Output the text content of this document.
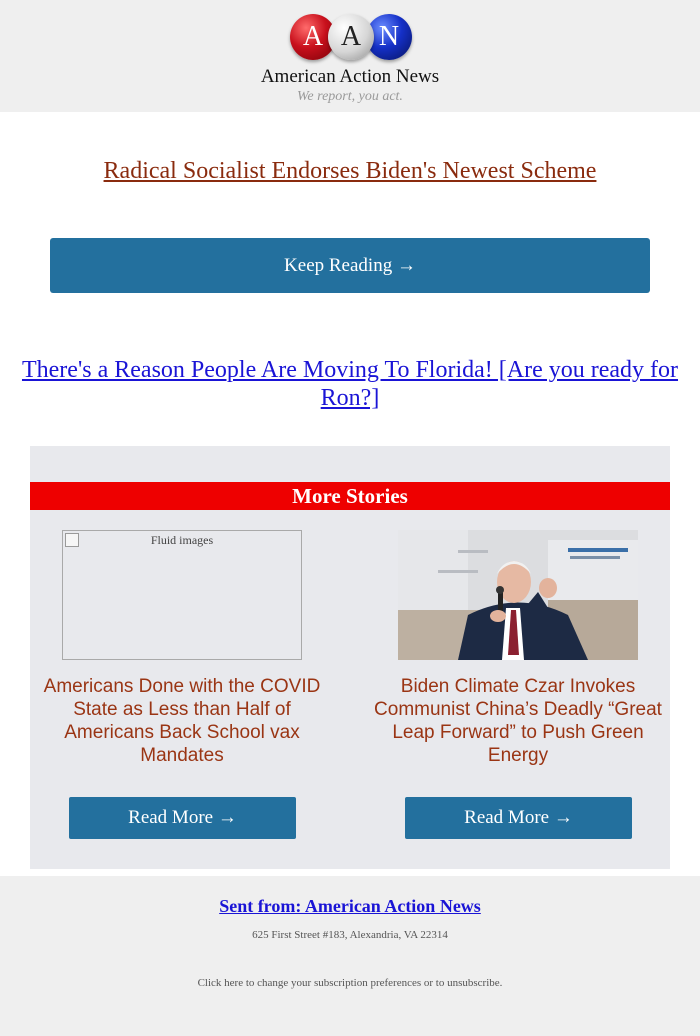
A A N
American Action News
We report, you act.
Radical Socialist Endorses Biden's Newest Scheme
Keep Reading →
There's a Reason People Are Moving To Florida! [Are you ready for Ron?]
More Stories
Fluid images
Americans Done with the COVID State as Less than Half of Americans Back School vax Mandates
Biden Climate Czar Invokes Communist China’s Deadly “Great Leap Forward” to Push Green Energy
Read More →	Read More →
Sent from: American Action News
625 First Street #183, Alexandria, VA 22314
Click here to change your subscription preferences or to unsubscribe.
